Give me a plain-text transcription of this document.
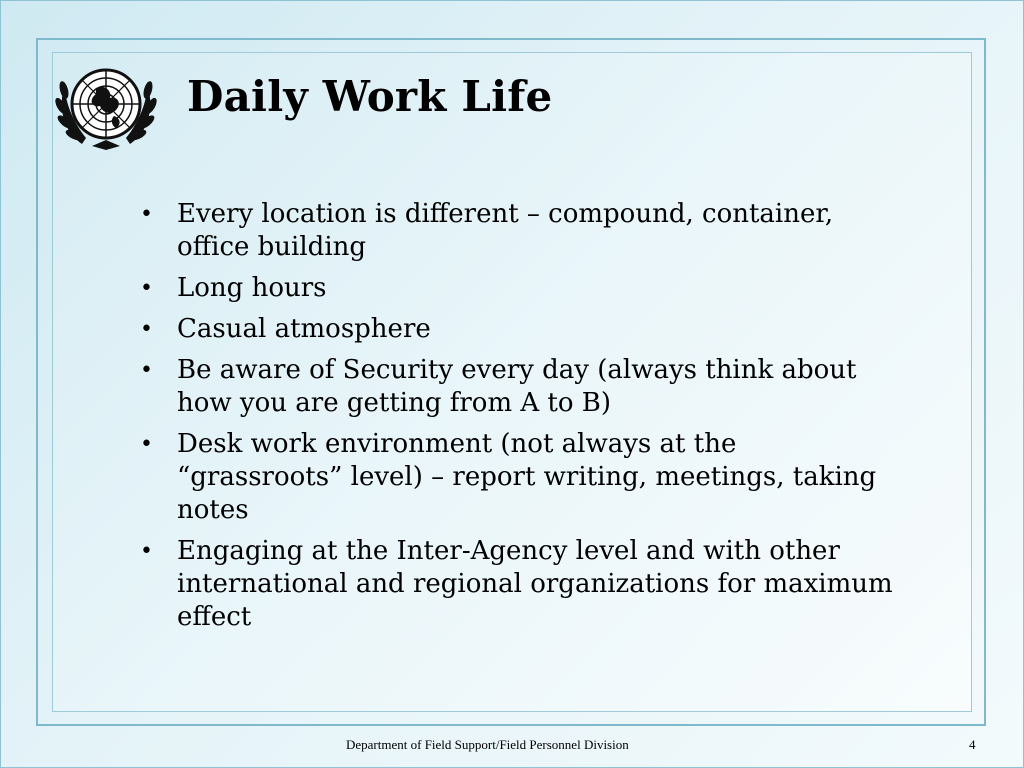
Daily Work Life
• Every location is different – compound, container, office building
• Long hours
• Casual atmosphere
• Be aware of Security every day (always think about how you are getting from A to B)
• Desk work environment (not always at the “grassroots” level) – report writing, meetings, taking notes
• Engaging at the Inter-Agency level and with other international and regional organizations for maximum effect
Department of Field Support/Field Personnel Division	4
